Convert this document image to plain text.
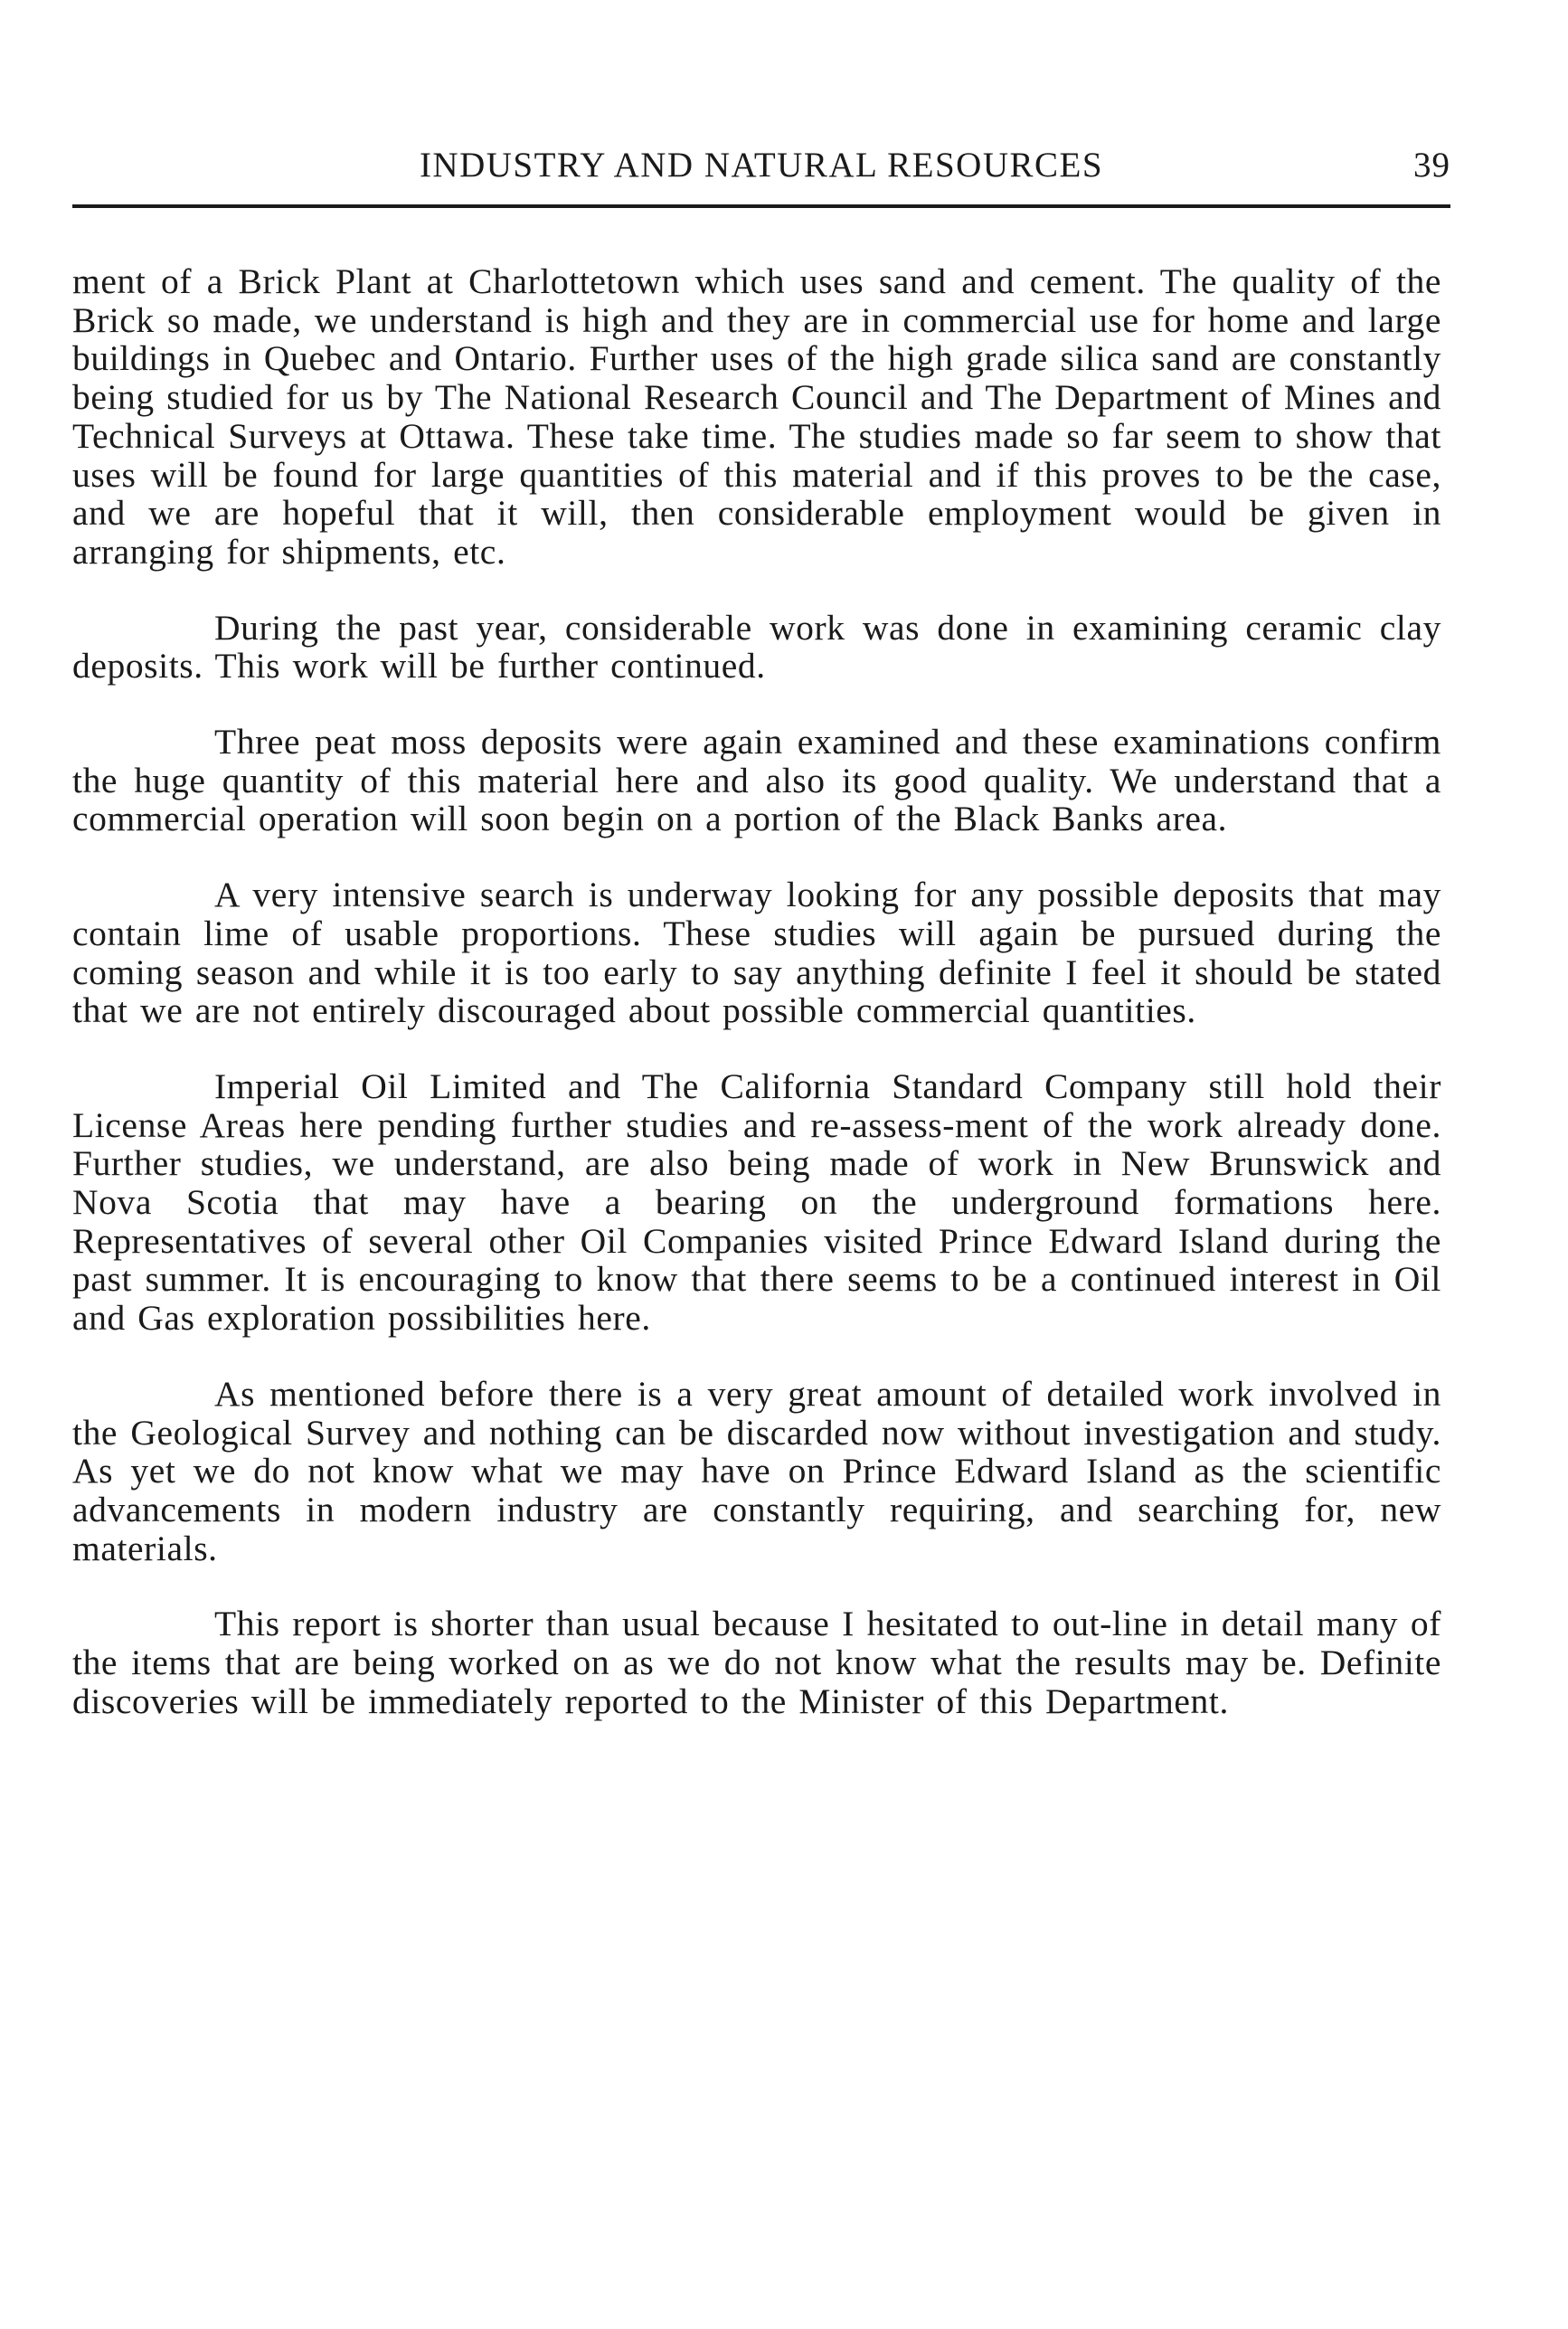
INDUSTRY AND NATURAL RESOURCES	39

ment of a Brick Plant at Charlottetown which uses sand and cement. The quality of the Brick so made, we understand is high and they are in commercial use for home and large buildings in Quebec and Ontario. Further uses of the high grade silica sand are constantly being studied for us by The National Research Council and The Department of Mines and Technical Surveys at Ottawa. These take time. The studies made so far seem to show that uses will be found for large quantities of this material and if this proves to be the case, and we are hopeful that it will, then considerable employment would be given in arranging for shipments, etc.

During the past year, considerable work was done in examining ceramic clay deposits. This work will be further continued.

Three peat moss deposits were again examined and these examinations confirm the huge quantity of this material here and also its good quality. We understand that a commercial operation will soon begin on a portion of the Black Banks area.

A very intensive search is underway looking for any possible deposits that may contain lime of usable proportions. These studies will again be pursued during the coming season and while it is too early to say anything definite I feel it should be stated that we are not entirely discouraged about possible commercial quantities.

Imperial Oil Limited and The California Standard Company still hold their License Areas here pending further studies and re-assess-ment of the work already done. Further studies, we understand, are also being made of work in New Brunswick and Nova Scotia that may have a bearing on the underground formations here. Representatives of several other Oil Companies visited Prince Edward Island during the past summer. It is encouraging to know that there seems to be a continued interest in Oil and Gas exploration possibilities here.

As mentioned before there is a very great amount of detailed work involved in the Geological Survey and nothing can be discarded now without investigation and study. As yet we do not know what we may have on Prince Edward Island as the scientific advancements in modern industry are constantly requiring, and searching for, new materials.

This report is shorter than usual because I hesitated to out-line in detail many of the items that are being worked on as we do not know what the results may be. Definite discoveries will be immediately reported to the Minister of this Department.
